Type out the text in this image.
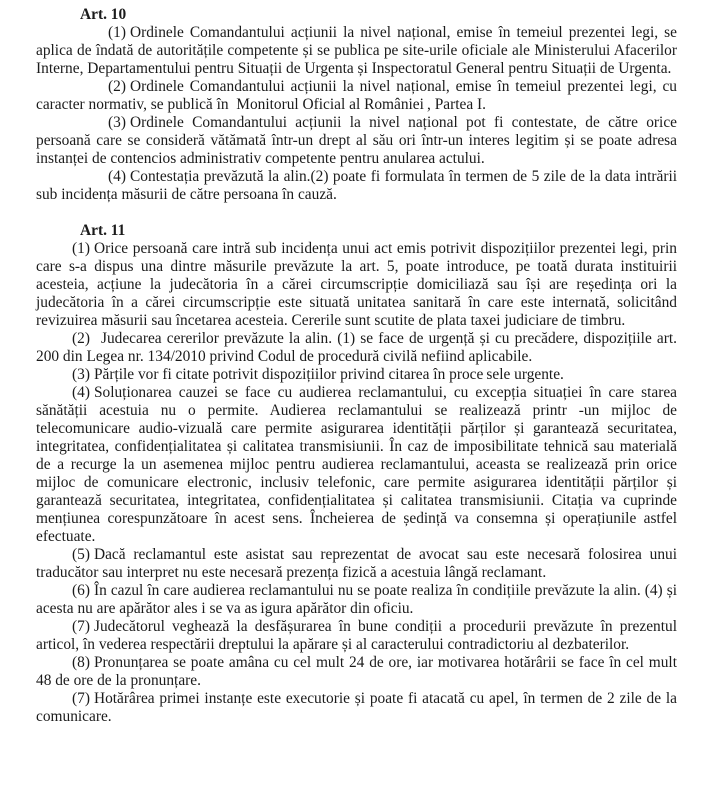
Art. 10

(1) Ordinele Comandantului acțiunii la nivel național, emise în temeiul prezentei legi, se aplica de îndată de autoritățile competente și se publica pe site-urile oficiale ale Ministerului Afacerilor Interne, Departamentului pentru Situații de Urgenta și Inspectoratul General pentru Situații de Urgenta.

(2) Ordinele Comandantului acțiunii la nivel național, emise în temeiul prezentei legi, cu caracter normativ, se publică în Monitorul Oficial al României , Partea I.

(3) Ordinele Comandantului acțiunii la nivel național pot fi contestate, de către orice persoană care se consideră vătămată într-un drept al său ori într-un interes legitim și se poate adresa instanței de contencios administrativ competente pentru anularea actului.

(4) Contestația prevăzută la alin.(2) poate fi formulata în termen de 5 zile de la data intrării sub incidența măsurii de către persoana în cauză.

Art. 11

(1) Orice persoană care intră sub incidența unui act emis potrivit dispozițiilor prezentei legi, prin care s-a dispus una dintre măsurile prevăzute la art. 5, poate introduce, pe toată durata instituirii acesteia, acțiune la judecătoria în a cărei circumscripție domiciliază sau își are reședința ori la judecătoria în a cărei circumscripție este situată unitatea sanitară în care este internată, solicitând revizuirea măsurii sau încetarea acesteia. Cererile sunt scutite de plata taxei judiciare de timbru.

(2) Judecarea cererilor prevăzute la alin. (1) se face de urgență și cu precădere, dispozițiile art. 200 din Legea nr. 134/2010 privind Codul de procedură civilă nefiind aplicabile.

(3) Părțile vor fi citate potrivit dispozițiilor privind citarea în proce sele urgente.

(4) Soluționarea cauzei se face cu audierea reclamantului, cu excepția situației în care starea sănătății acestuia nu o permite. Audierea reclamantului se realizează printr -un mijloc de telecomunicare audio-vizuală care permite asigurarea identității părților și garantează securitatea, integritatea, confidențialitatea și calitatea transmisiunii. În caz de imposibilitate tehnică sau materială de a recurge la un asemenea mijloc pentru audierea reclamantului, aceasta se realizează prin orice mijloc de comunicare electronic, inclusiv telefonic, care permite asigurarea identității părților și garantează securitatea, integritatea, confidențialitatea și calitatea transmisiunii. Citația va cuprinde mențiunea corespunzătoare în acest sens. Încheierea de ședință va consemna și operațiunile astfel efectuate.

(5) Dacă reclamantul este asistat sau reprezentat de avocat sau este necesară folosirea unui traducător sau interpret nu este necesară prezența fizică a acestuia lângă reclamant.

(6) În cazul în care audierea reclamantului nu se poate realiza în condițiile prevăzute la alin. (4) și acesta nu are apărător ales i se va as igura apărător din oficiu.

(7) Judecătorul veghează la desfășurarea în bune condiții a procedurii prevăzute în prezentul articol, în vederea respectării dreptului la apărare și al caracterului contradictoriu al dezbaterilor.

(8) Pronunțarea se poate amâna cu cel mult 24 de ore, iar motivarea hotărârii se face în cel mult 48 de ore de la pronunțare.

(7) Hotărârea primei instanțe este executorie și poate fi atacată cu apel, în termen de 2 zile de la comunicare.
